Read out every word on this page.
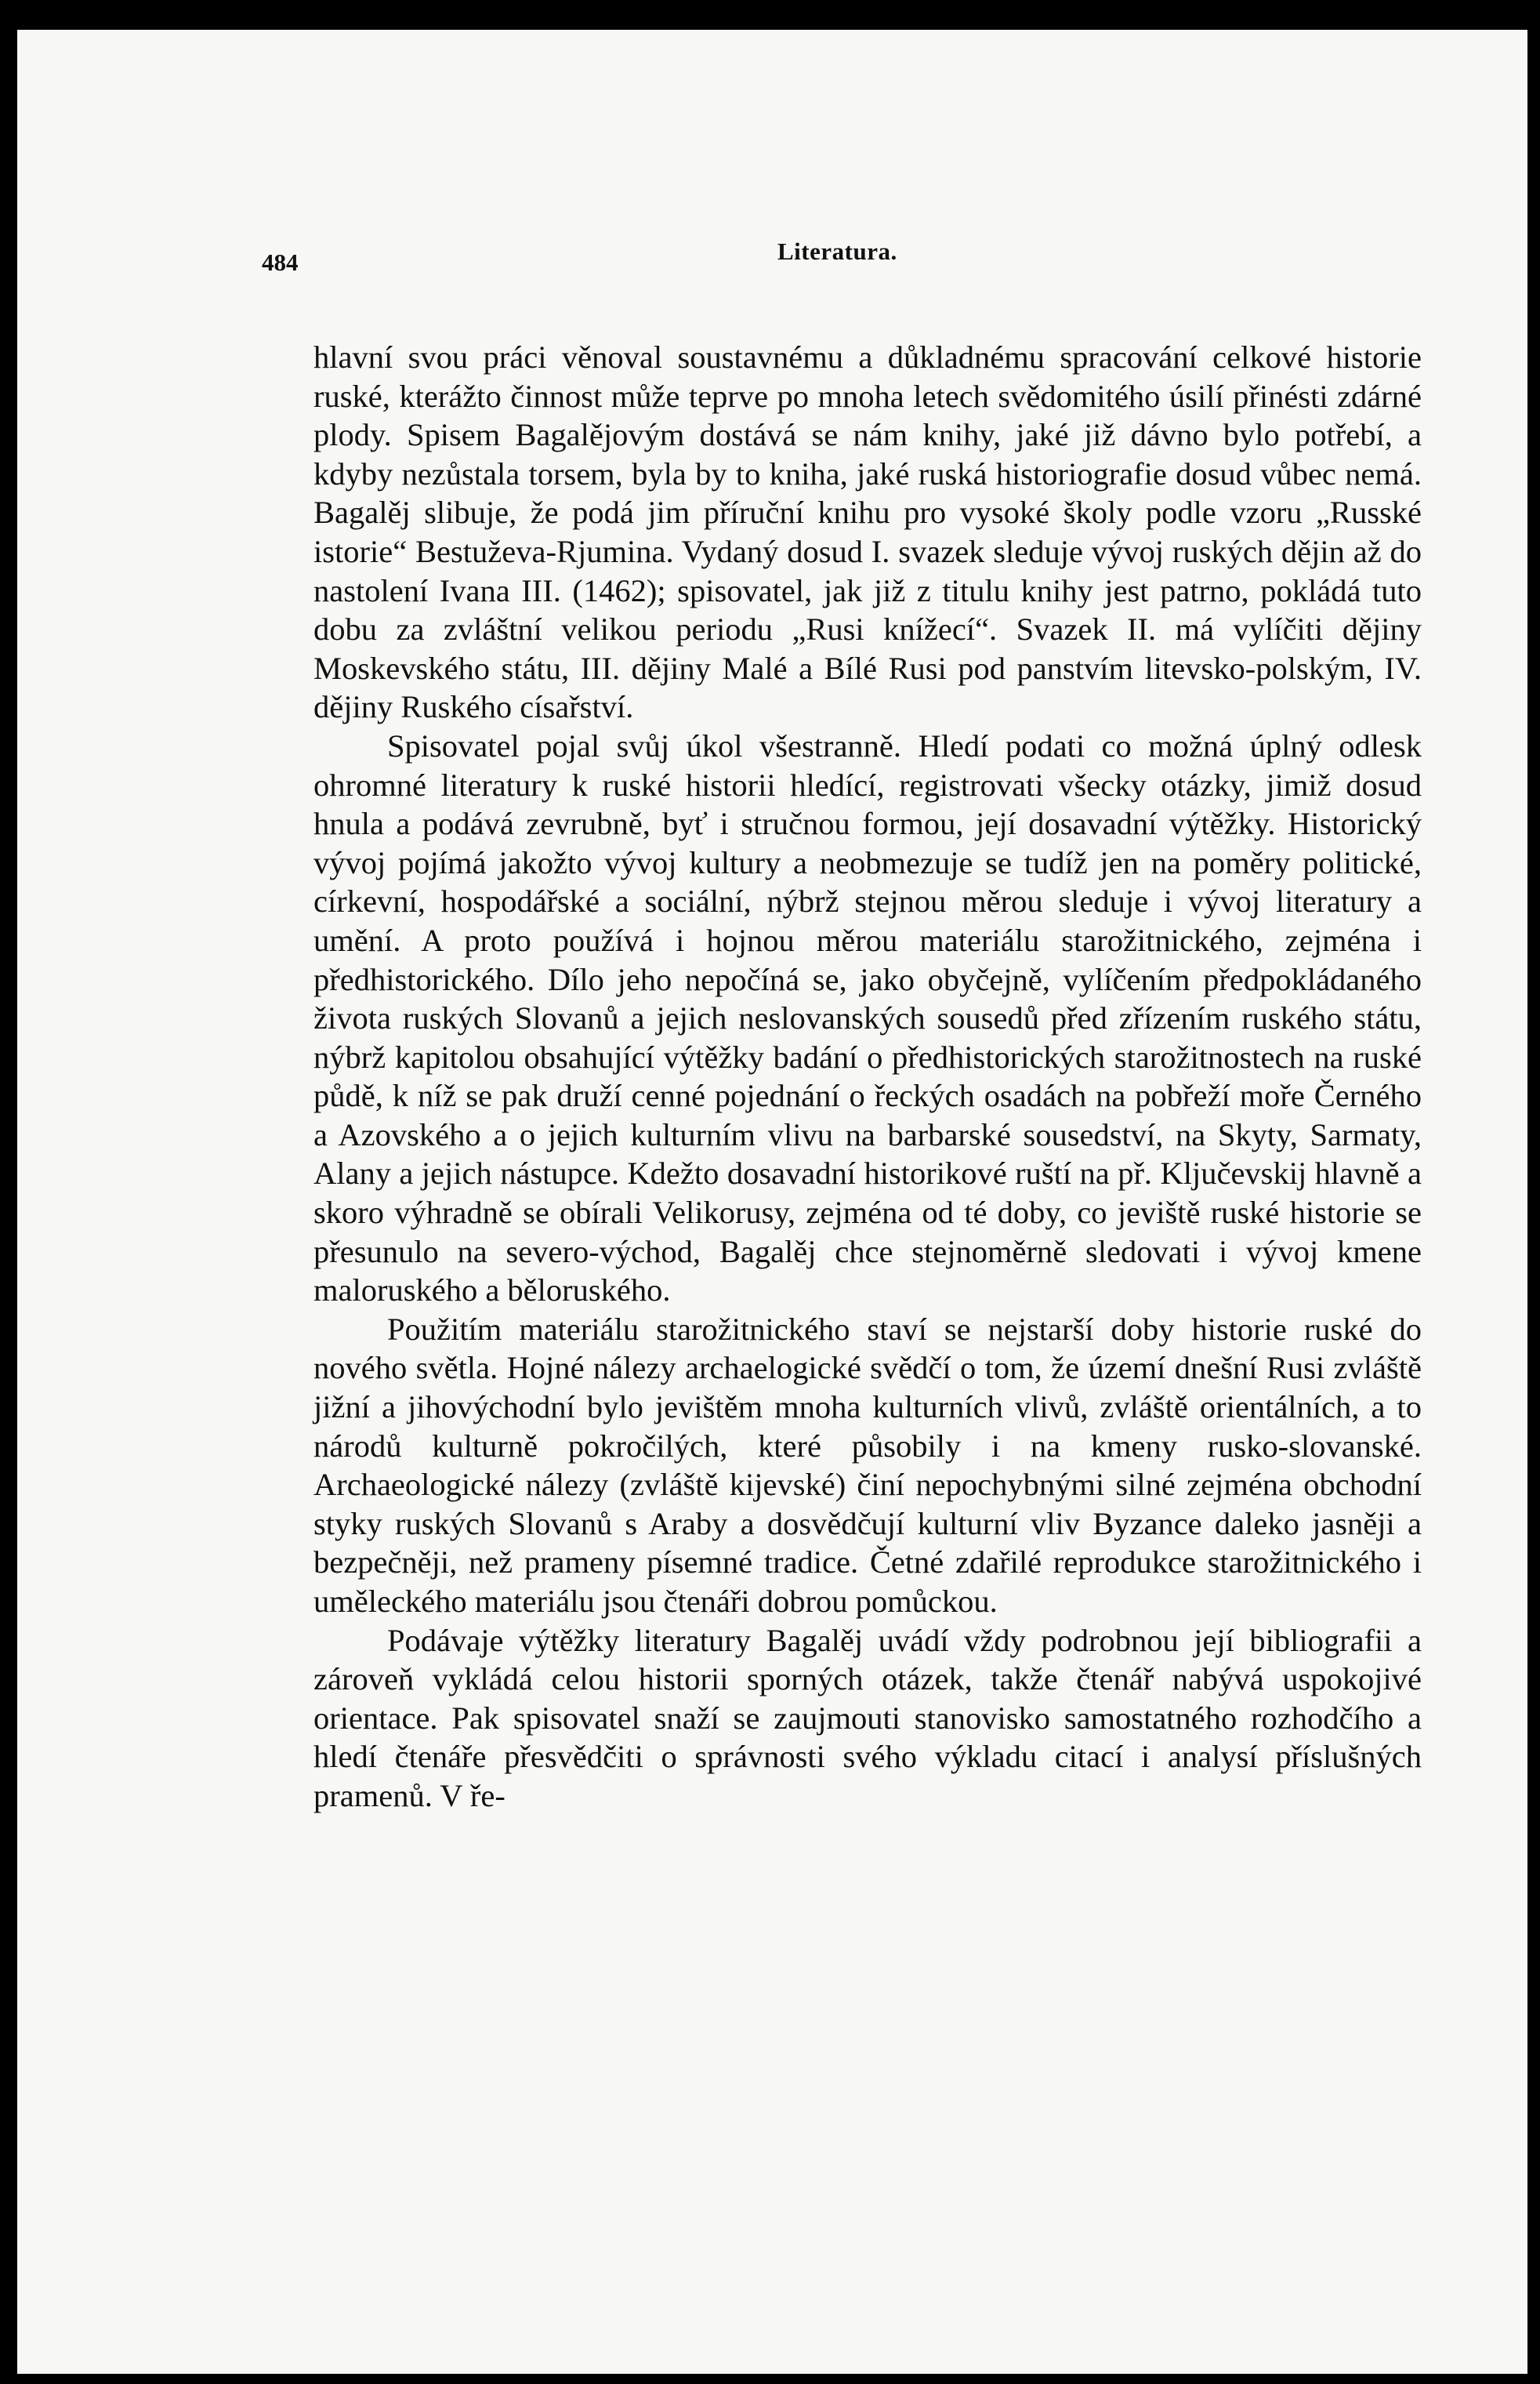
484	Literatura.

hlavní svou práci věnoval soustavnému a důkladnému spracování celkové historie ruské, kterážto činnost může teprve po mnoha letech svědomitého úsilí přinésti zdárné plody. Spisem Bagalějovým dostává se nám knihy, jaké již dávno bylo potřebí, a kdyby nezůstala torsem, byla by to kniha, jaké ruská historiografie dosud vůbec nemá. Bagalěj slibuje, že podá jim příruční knihu pro vysoké školy podle vzoru „Russké istorie“ Bestuževa-Rjumina. Vydaný dosud I. svazek sleduje vývoj ruských dějin až do nastolení Ivana III. (1462); spisovatel, jak již z titulu knihy jest patrno, pokládá tuto dobu za zvláštní velikou periodu „Rusi knížecí“. Svazek II. má vylíčiti dějiny Moskevského státu, III. dějiny Malé a Bílé Rusi pod panstvím litevsko-polským, IV. dějiny Ruského císařství.

Spisovatel pojal svůj úkol všestranně. Hledí podati co možná úplný odlesk ohromné literatury k ruské historii hledící, registrovati všecky otázky, jimiž dosud hnula a podává zevrubně, byť i stručnou formou, její dosavadní výtěžky. Historický vývoj pojímá jakožto vývoj kultury a neobmezuje se tudíž jen na poměry politické, církevní, hospodářské a sociální, nýbrž stejnou měrou sleduje i vývoj literatury a umění. A proto používá i hojnou měrou materiálu starožitnického, zejména i předhistorického. Dílo jeho nepočíná se, jako obyčejně, vylíčením předpokládaného života ruských Slovanů a jejich neslovanských sousedů před zřízením ruského státu, nýbrž kapitolou obsahující výtěžky badání o předhistorických starožitnostech na ruské půdě, k níž se pak druží cenné pojednání o řeckých osadách na pobřeží moře Černého a Azovského a o jejich kulturním vlivu na barbarské sousedství, na Skyty, Sarmaty, Alany a jejich nástupce. Kdežto dosavadní historikové ruští na př. Ključevskij hlavně a skoro výhradně se obírali Velikorusy, zejména od té doby, co jeviště ruské historie se přesunulo na severo-východ, Bagalěj chce stejnoměrně sledovati i vývoj kmene maloruského a běloruského.

Použitím materiálu starožitnického staví se nejstarší doby historie ruské do nového světla. Hojné nálezy archaelogické svědčí o tom, že území dnešní Rusi zvláště jižní a jihovýchodní bylo jevištěm mnoha kulturních vlivů, zvláště orientálních, a to národů kulturně pokročilých, které působily i na kmeny rusko-slovanské. Archaeologické nálezy (zvláště kijevské) činí nepochybnými silné zejména obchodní styky ruských Slovanů s Araby a dosvědčují kulturní vliv Byzance daleko jasněji a bezpečněji, než prameny písemné tradice. Četné zdařilé reprodukce starožitnického i uměleckého materiálu jsou čtenáři dobrou pomůckou.

Podávaje výtěžky literatury Bagalěj uvádí vždy podrobnou její bibliografii a zároveň vykládá celou historii sporných otázek, takže čtenář nabývá uspokojivé orientace. Pak spisovatel snaží se zaujmouti stanovisko samostatného rozhodčího a hledí čtenáře přesvědčiti o správnosti svého výkladu citací i analysí příslušných pramenů. V ře-
